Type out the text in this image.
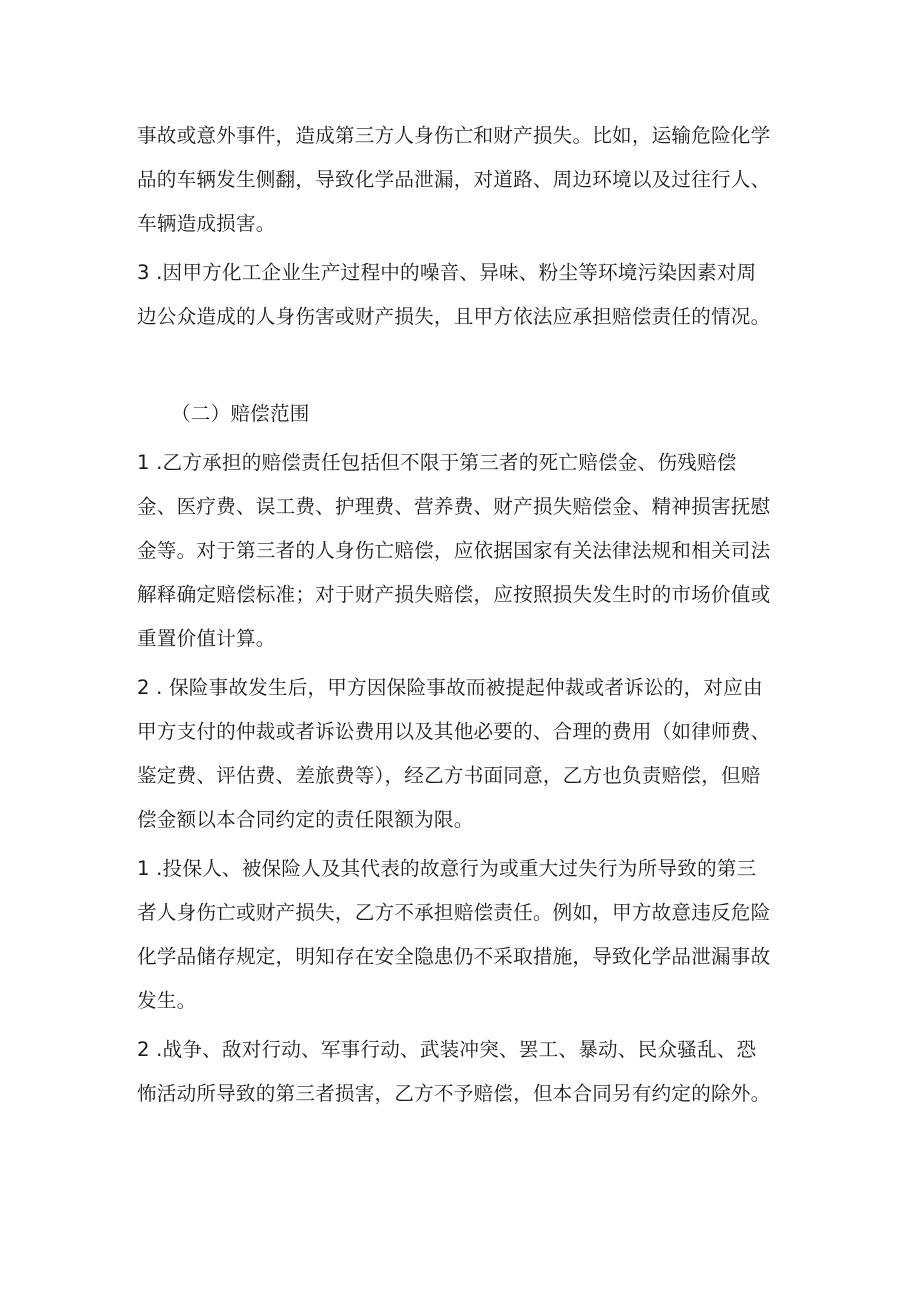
事故或意外事件，造成第三方人身伤亡和财产损失。比如，运输危险化学
品的车辆发生侧翻，导致化学品泄漏，对道路、周边环境以及过往行人、
车辆造成损害。
3 .因甲方化工企业生产过程中的噪音、异味、粉尘等环境污染因素对周
边公众造成的人身伤害或财产损失，且甲方依法应承担赔偿责任的情况。
（二）赔偿范围
1 .乙方承担的赔偿责任包括但不限于第三者的死亡赔偿金、伤残赔偿
金、医疗费、误工费、护理费、营养费、财产损失赔偿金、精神损害抚慰
金等。对于第三者的人身伤亡赔偿，应依据国家有关法律法规和相关司法
解释确定赔偿标准；对于财产损失赔偿，应按照损失发生时的市场价值或
重置价值计算。
2 . 保险事故发生后，甲方因保险事故而被提起仲裁或者诉讼的，对应由
甲方支付的仲裁或者诉讼费用以及其他必要的、合理的费用（如律师费、
鉴定费、评估费、差旅费等），经乙方书面同意，乙方也负责赔偿，但赔
偿金额以本合同约定的责任限额为限。
1 .投保人、被保险人及其代表的故意行为或重大过失行为所导致的第三
者人身伤亡或财产损失，乙方不承担赔偿责任。例如，甲方故意违反危险
化学品储存规定，明知存在安全隐患仍不采取措施，导致化学品泄漏事故
发生。
2 .战争、敌对行动、军事行动、武装冲突、罢工、暴动、民众骚乱、恐
怖活动所导致的第三者损害，乙方不予赔偿，但本合同另有约定的除外。
